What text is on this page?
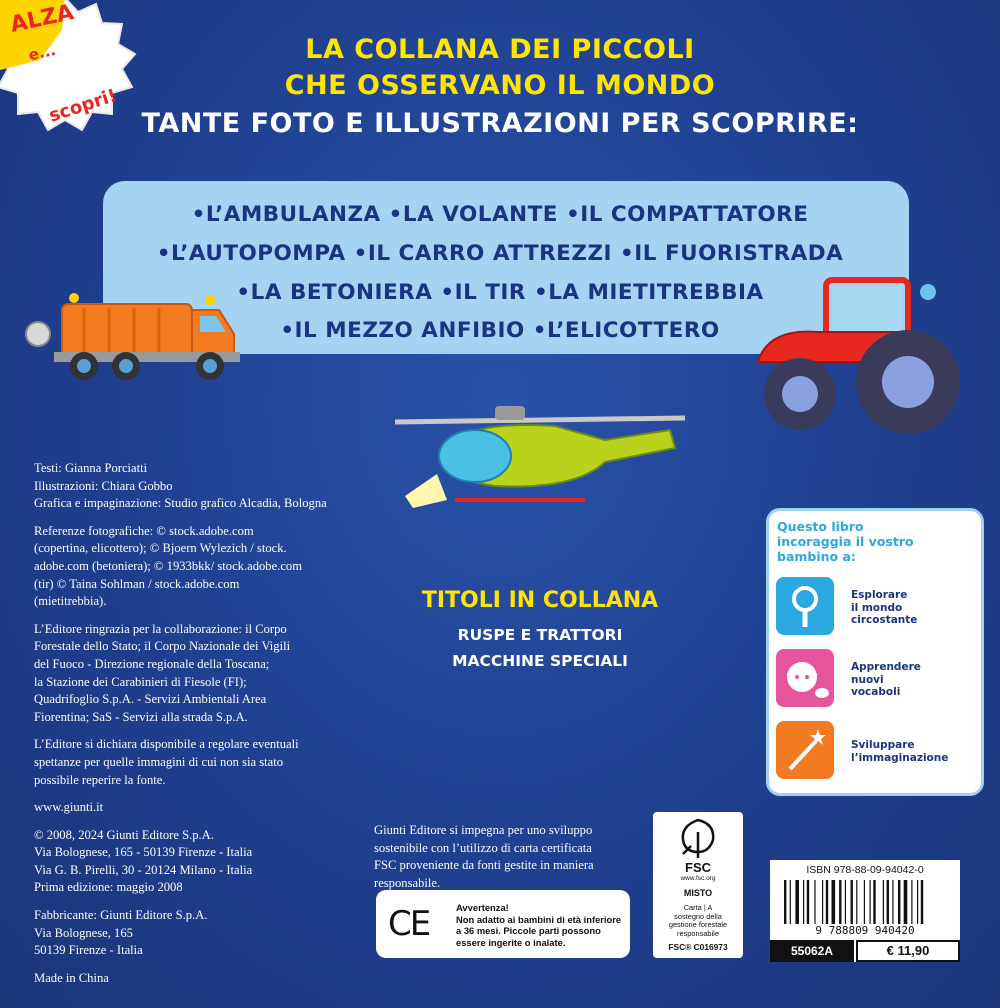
ALZA
e...
scopri!
LA COLLANA DEI PICCOLI
CHE OSSERVANO IL MONDO
TANTE FOTO E ILLUSTRAZIONI PER SCOPRIRE:
•L’AMBULANZA •LA VOLANTE •IL COMPATTATORE
•L’AUTOPOMPA •IL CARRO ATTREZZI •IL FUORISTRADA
•LA BETONIERA •IL TIR •LA MIETITREBBIA
•IL MEZZO ANFIBIO •L’ELICOTTERO

Testi: Gianna Porciatti
Illustrazioni: Chiara Gobbo
Grafica e impaginazione: Studio grafico Alcadia, Bologna

Referenze fotografiche: © stock.adobe.com
(copertina, elicottero); © Bjoern Wylezich / stock.
adobe.com (betoniera); © 1933bkk/ stock.adobe.com
(tir) © Taina Sohlman / stock.adobe.com
(mietitrebbia).

L’Editore ringrazia per la collaborazione: il Corpo
Forestale dello Stato; il Corpo Nazionale dei Vigili
del Fuoco - Direzione regionale della Toscana;
la Stazione dei Carabinieri di Fiesole (FI);
Quadrifoglio S.p.A. - Servizi Ambientali Area
Fiorentina; SaS - Servizi alla strada S.p.A.

L’Editore si dichiara disponibile a regolare eventuali
spettanze per quelle immagini di cui non sia stato
possibile reperire la fonte.

www.giunti.it

© 2008, 2024 Giunti Editore S.p.A.
Via Bolognese, 165 - 50139 Firenze - Italia
Via G. B. Pirelli, 30 - 20124 Milano - Italia
Prima edizione: maggio 2008

Fabbricante: Giunti Editore S.p.A.
Via Bolognese, 165
50139 Firenze - Italia

Made in China

TITOLI IN COLLANA
RUSPE E TRATTORI
MACCHINE SPECIALI
Questo libro
incoraggia il vostro
bambino a:
Esplorare
il mondo
circostante
Apprendere
nuovi
vocaboli
Sviluppare
l’immaginazione
Giunti Editore si impegna per uno sviluppo
sostenibile con l’utilizzo di carta certificata
FSC proveniente da fonti gestite in maniera
responsabile.
CE	Avvertenza!
Non adatto ai bambini di età inferiore
a 36 mesi. Piccole parti possono
essere ingerite o inalate.
FSC
www.fsc.org
MISTO
Carta | A
sostegno della
gestione forestale
responsabile
FSC® C016973
ISBN 978-88-09-94042-0
9 788809 940420
55062A	€ 11,90
